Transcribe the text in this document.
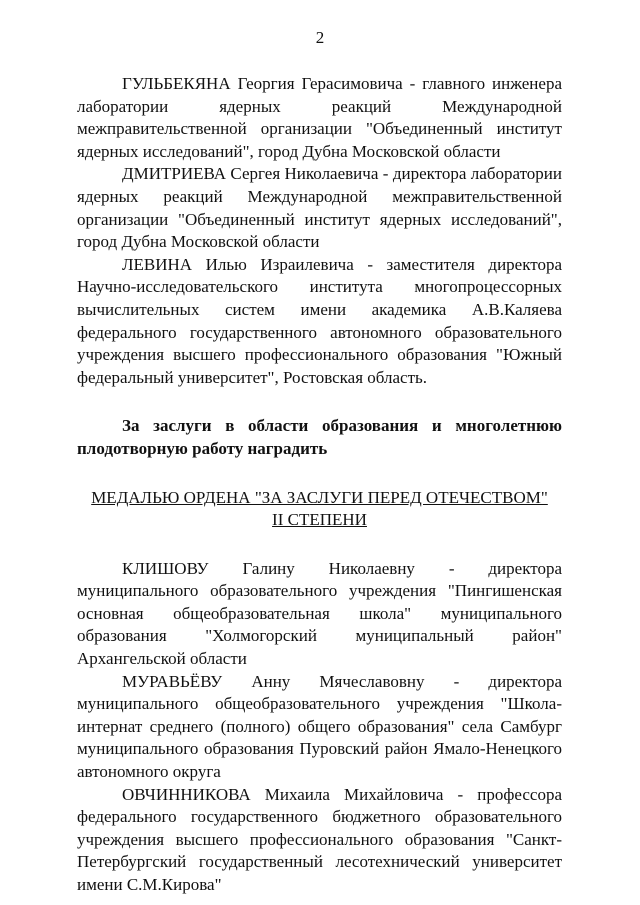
2

ГУЛЬБЕКЯНА Георгия Герасимовича - главного инженера лаборатории ядерных реакций Международной межправительственной организации "Объединенный институт ядерных исследований", город Дубна Московской области

ДМИТРИЕВА Сергея Николаевича - директора лаборатории ядерных реакций Международной межправительственной организации "Объединенный институт ядерных исследований", город Дубна Московской области

ЛЕВИНА Илью Израилевича - заместителя директора Научно-исследовательского института многопроцессорных вычислительных систем имени академика А.В.Каляева федерального государственного автономного образовательного учреждения высшего профессионального образования "Южный федеральный университет", Ростовская область.

За заслуги в области образования и многолетнюю

плодотворную работу наградить

МЕДАЛЬЮ ОРДЕНА "ЗА ЗАСЛУГИ ПЕРЕД ОТЕЧЕСТВОМ"
II СТЕПЕНИ

КЛИШОВУ Галину Николаевну - директора муниципального образовательного учреждения "Пингишенская основная общеобразовательная школа" муниципального образования "Холмогорский муниципальный район" Архангельской области

МУРАВЬЁВУ Анну Мячеславовну - директора муниципального общеобразовательного учреждения "Школа-интернат среднего (полного) общего образования" села Самбург муниципального образования Пуровский район Ямало-Ненецкого автономного округа

ОВЧИННИКОВА Михаила Михайловича - профессора федерального государственного бюджетного образовательного учреждения высшего профессионального образования "Санкт-Петербургский государственный лесотехнический университет имени С.М.Кирова"
